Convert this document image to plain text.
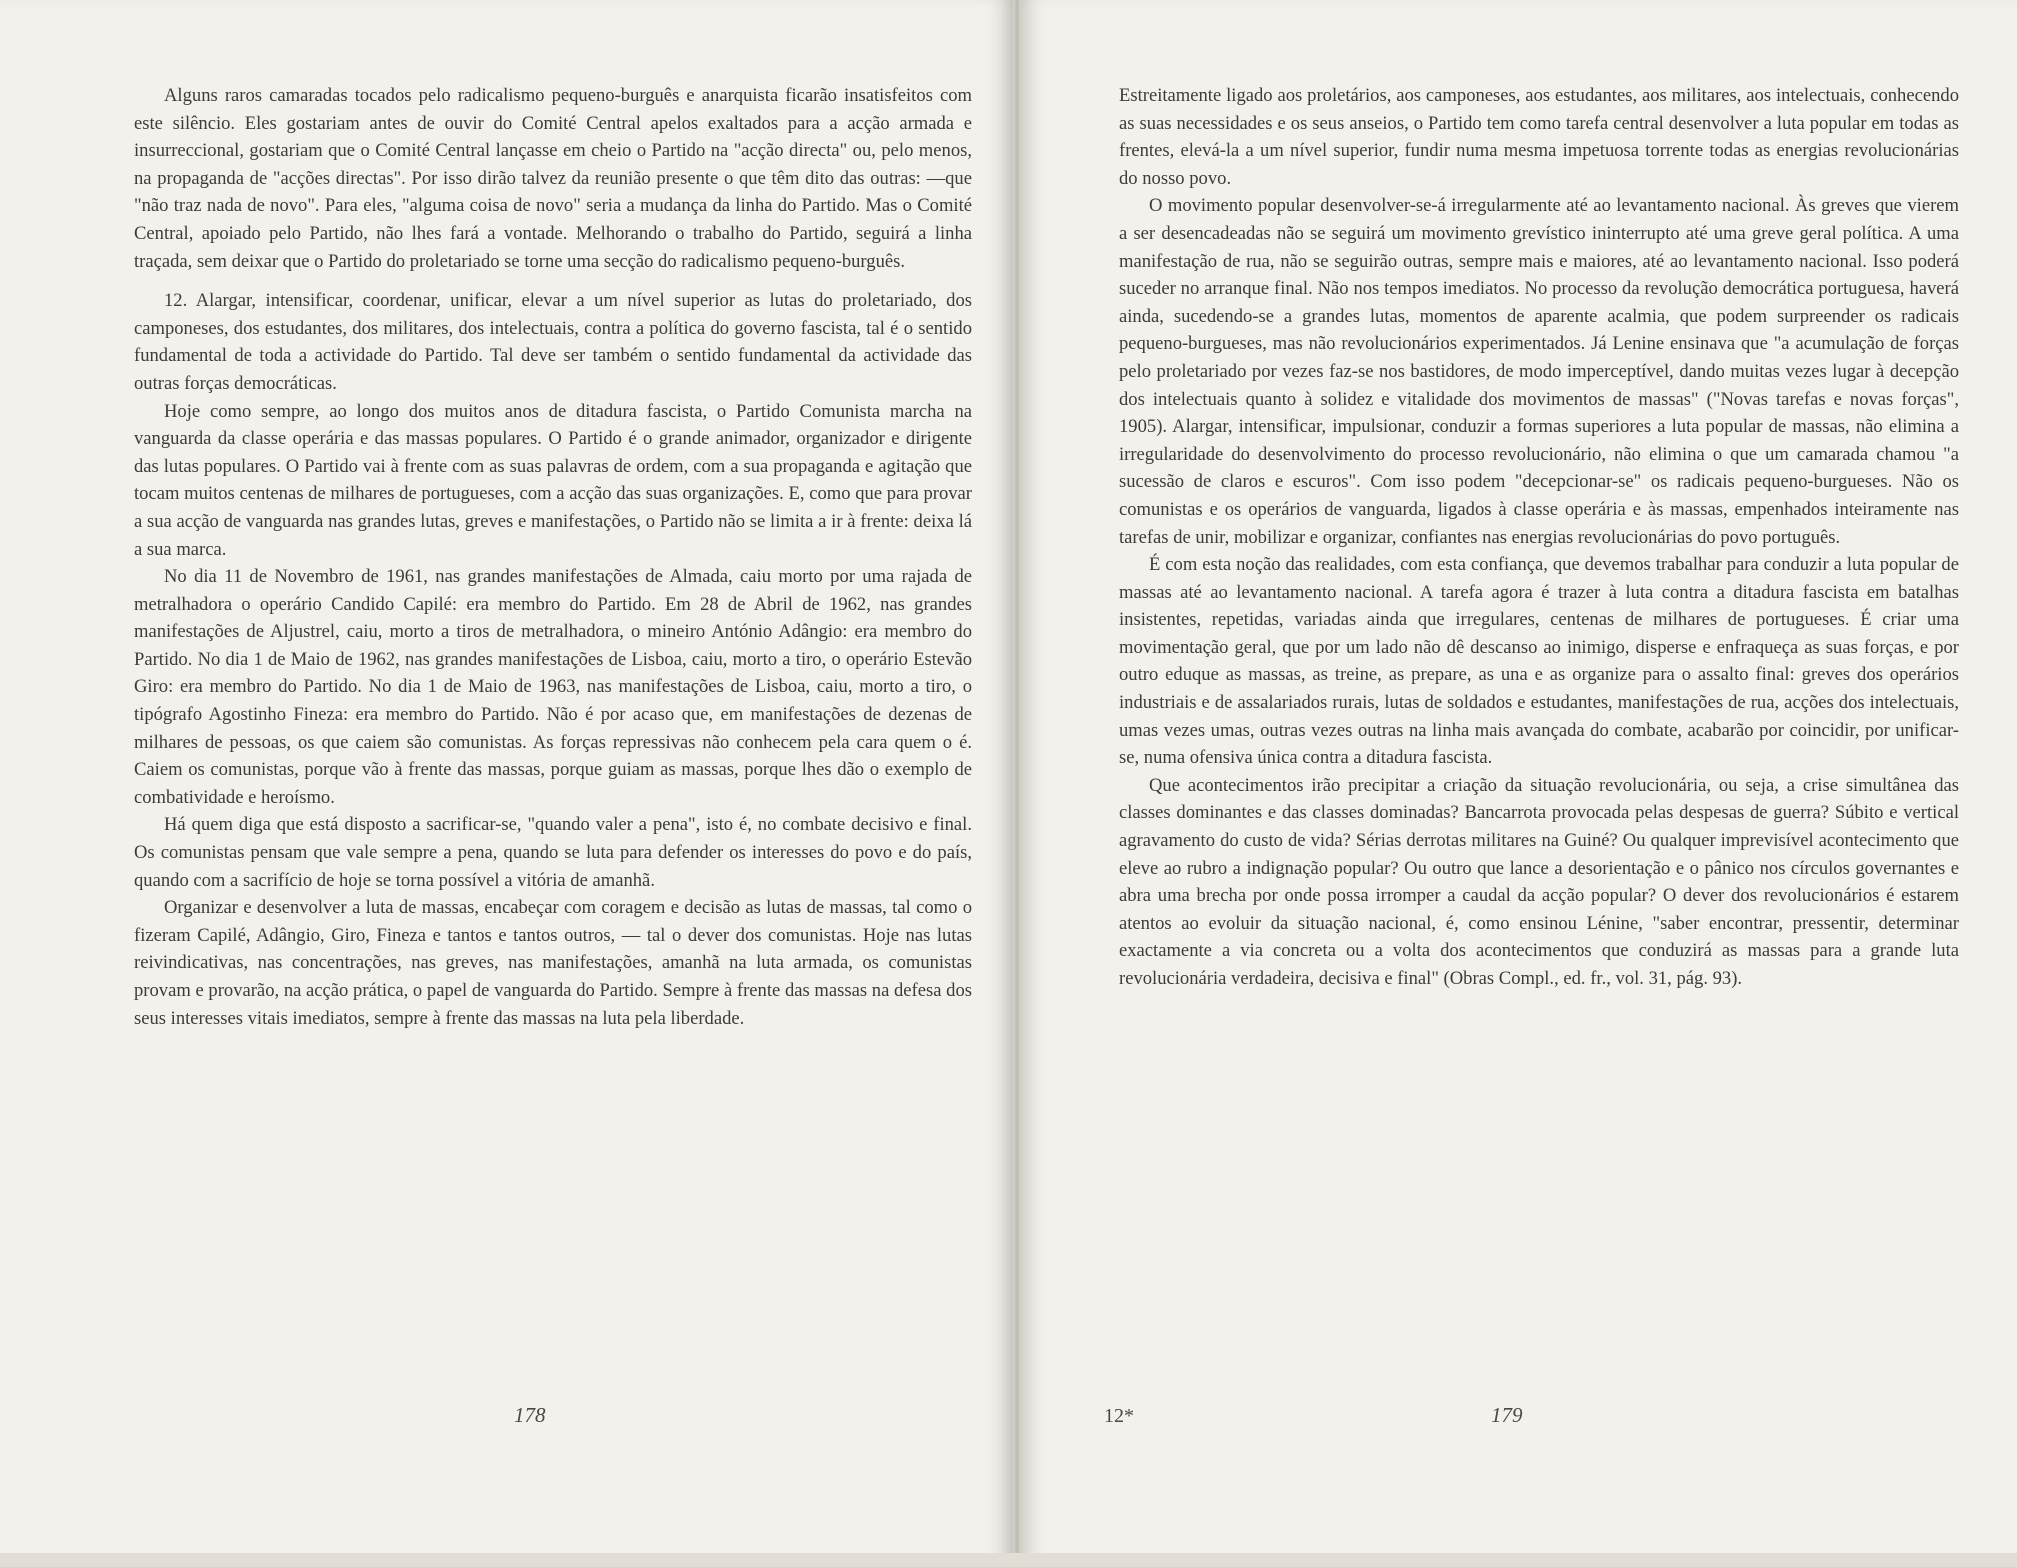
Alguns raros camaradas tocados pelo radicalismo pequeno-burguês e anarquista ficarão insatisfeitos com este silêncio. Eles gostariam antes de ouvir do Comité Central apelos exaltados para a acção armada e insurreccional, gostariam que o Comité Central lançasse em cheio o Partido na "acção directa" ou, pelo menos, na propaganda de "acções directas". Por isso dirão talvez da reunião presente o que têm dito das outras: —que "não traz nada de novo". Para eles, "alguma coisa de novo" seria a mudança da linha do Partido. Mas o Comité Central, apoiado pelo Partido, não lhes fará a vontade. Melhorando o trabalho do Partido, seguirá a linha traçada, sem deixar que o Partido do proletariado se torne uma secção do radicalismo pequeno-burguês.

12. Alargar, intensificar, coordenar, unificar, elevar a um nível superior as lutas do proletariado, dos camponeses, dos estudantes, dos militares, dos intelectuais, contra a política do governo fascista, tal é o sentido fundamental de toda a actividade do Partido. Tal deve ser também o sentido fundamental da actividade das outras forças democráticas.

Hoje como sempre, ao longo dos muitos anos de ditadura fascista, o Partido Comunista marcha na vanguarda da classe operária e das massas populares. O Partido é o grande animador, organizador e dirigente das lutas populares. O Partido vai à frente com as suas palavras de ordem, com a sua propaganda e agitação que tocam muitos centenas de milhares de portugueses, com a acção das suas organizações. E, como que para provar a sua acção de vanguarda nas grandes lutas, greves e manifestações, o Partido não se limita a ir à frente: deixa lá a sua marca.

No dia 11 de Novembro de 1961, nas grandes manifestações de Almada, caiu morto por uma rajada de metralhadora o operário Candido Capilé: era membro do Partido. Em 28 de Abril de 1962, nas grandes manifestações de Aljustrel, caiu, morto a tiros de metralhadora, o mineiro António Adângio: era membro do Partido. No dia 1 de Maio de 1962, nas grandes manifestações de Lisboa, caiu, morto a tiro, o operário Estevão Giro: era membro do Partido. No dia 1 de Maio de 1963, nas manifestações de Lisboa, caiu, morto a tiro, o tipógrafo Agostinho Fineza: era membro do Partido. Não é por acaso que, em manifestações de dezenas de milhares de pessoas, os que caiem são comunistas. As forças repressivas não conhecem pela cara quem o é. Caiem os comunistas, porque vão à frente das massas, porque guiam as massas, porque lhes dão o exemplo de combatividade e heroísmo.

Há quem diga que está disposto a sacrificar-se, "quando valer a pena", isto é, no combate decisivo e final. Os comunistas pensam que vale sempre a pena, quando se luta para defender os interesses do povo e do país, quando com a sacrifício de hoje se torna possível a vitória de amanhã.

Organizar e desenvolver a luta de massas, encabeçar com coragem e decisão as lutas de massas, tal como o fizeram Capilé, Adângio, Giro, Fineza e tantos e tantos outros, — tal o dever dos comunistas. Hoje nas lutas reivindicativas, nas concentrações, nas greves, nas manifestações, amanhã na luta armada, os comunistas provam e provarão, na acção prática, o papel de vanguarda do Partido. Sempre à frente das massas na defesa dos seus interesses vitais imediatos, sempre à frente das massas na luta pela liberdade.

178

Estreitamente ligado aos proletários, aos camponeses, aos estudantes, aos militares, aos intelectuais, conhecendo as suas necessidades e os seus anseios, o Partido tem como tarefa central desenvolver a luta popular em todas as frentes, elevá-la a um nível superior, fundir numa mesma impetuosa torrente todas as energias revolucionárias do nosso povo.

O movimento popular desenvolver-se-á irregularmente até ao levantamento nacional. Às greves que vierem a ser desencadeadas não se seguirá um movimento grevístico ininterrupto até uma greve geral política. A uma manifestação de rua, não se seguirão outras, sempre mais e maiores, até ao levantamento nacional. Isso poderá suceder no arranque final. Não nos tempos imediatos. No processo da revolução democrática portuguesa, haverá ainda, sucedendo-se a grandes lutas, momentos de aparente acalmia, que podem surpreender os radicais pequeno-burgueses, mas não revolucionários experimentados. Já Lenine ensinava que "a acumulação de forças pelo proletariado por vezes faz-se nos bastidores, de modo imperceptível, dando muitas vezes lugar à decepção dos intelectuais quanto à solidez e vitalidade dos movimentos de massas" ("Novas tarefas e novas forças", 1905). Alargar, intensificar, impulsionar, conduzir a formas superiores a luta popular de massas, não elimina a irregularidade do desenvolvimento do processo revolucionário, não elimina o que um camarada chamou "a sucessão de claros e escuros". Com isso podem "decepcionar-se" os radicais pequeno-burgueses. Não os comunistas e os operários de vanguarda, ligados à classe operária e às massas, empenhados inteiramente nas tarefas de unir, mobilizar e organizar, confiantes nas energias revolucionárias do povo português.

É com esta noção das realidades, com esta confiança, que devemos trabalhar para conduzir a luta popular de massas até ao levantamento nacional. A tarefa agora é trazer à luta contra a ditadura fascista em batalhas insistentes, repetidas, variadas ainda que irregulares, centenas de milhares de portugueses. É criar uma movimentação geral, que por um lado não dê descanso ao inimigo, disperse e enfraqueça as suas forças, e por outro eduque as massas, as treine, as prepare, as una e as organize para o assalto final: greves dos operários industriais e de assalariados rurais, lutas de soldados e estudantes, manifestações de rua, acções dos intelectuais, umas vezes umas, outras vezes outras na linha mais avançada do combate, acabarão por coincidir, por unificar-se, numa ofensiva única contra a ditadura fascista.

Que acontecimentos irão precipitar a criação da situação revolucionária, ou seja, a crise simultânea das classes dominantes e das classes dominadas? Bancarrota provocada pelas despesas de guerra? Súbito e vertical agravamento do custo de vida? Sérias derrotas militares na Guiné? Ou qualquer imprevisível acontecimento que eleve ao rubro a indignação popular? Ou outro que lance a desorientação e o pânico nos círculos governantes e abra uma brecha por onde possa irromper a caudal da acção popular? O dever dos revolucionários é estarem atentos ao evoluir da situação nacional, é, como ensinou Lénine, "saber encontrar, pressentir, determinar exactamente a via concreta ou a volta dos acontecimentos que conduzirá as massas para a grande luta revolucionária verdadeira, decisiva e final" (Obras Compl., ed. fr., vol. 31, pág. 93).

12*	179
